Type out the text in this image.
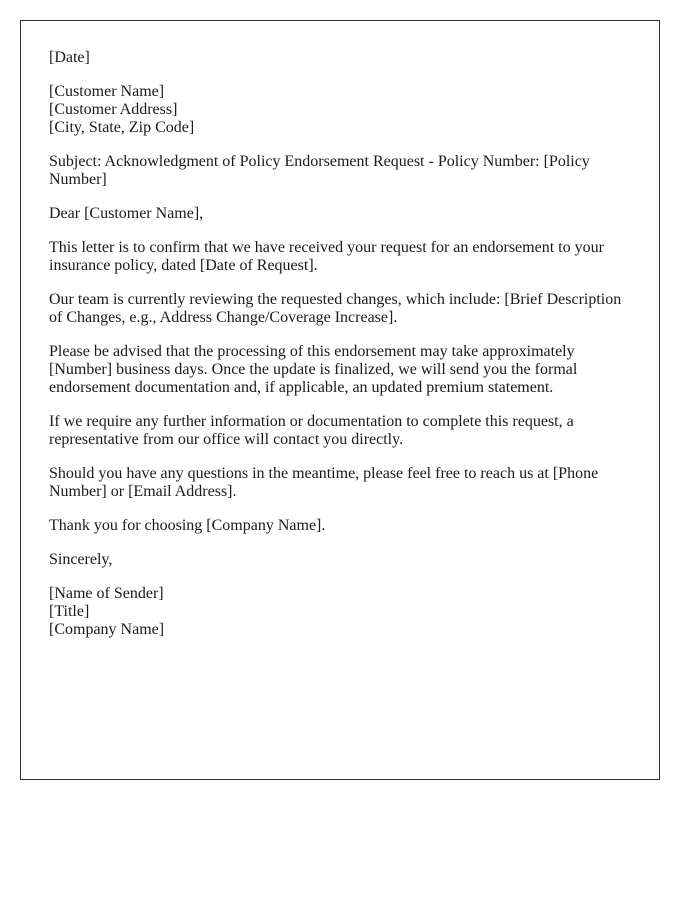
[Date]

[Customer Name]
[Customer Address]
[City, State, Zip Code]

Subject: Acknowledgment of Policy Endorsement Request - Policy Number: [Policy Number]

Dear [Customer Name],

This letter is to confirm that we have received your request for an endorsement to your insurance policy, dated [Date of Request].

Our team is currently reviewing the requested changes, which include: [Brief Description of Changes, e.g., Address Change/Coverage Increase].

Please be advised that the processing of this endorsement may take approximately [Number] business days. Once the update is finalized, we will send you the formal endorsement documentation and, if applicable, an updated premium statement.

If we require any further information or documentation to complete this request, a representative from our office will contact you directly.

Should you have any questions in the meantime, please feel free to reach us at [Phone Number] or [Email Address].

Thank you for choosing [Company Name].

Sincerely,

[Name of Sender]
[Title]
[Company Name]
